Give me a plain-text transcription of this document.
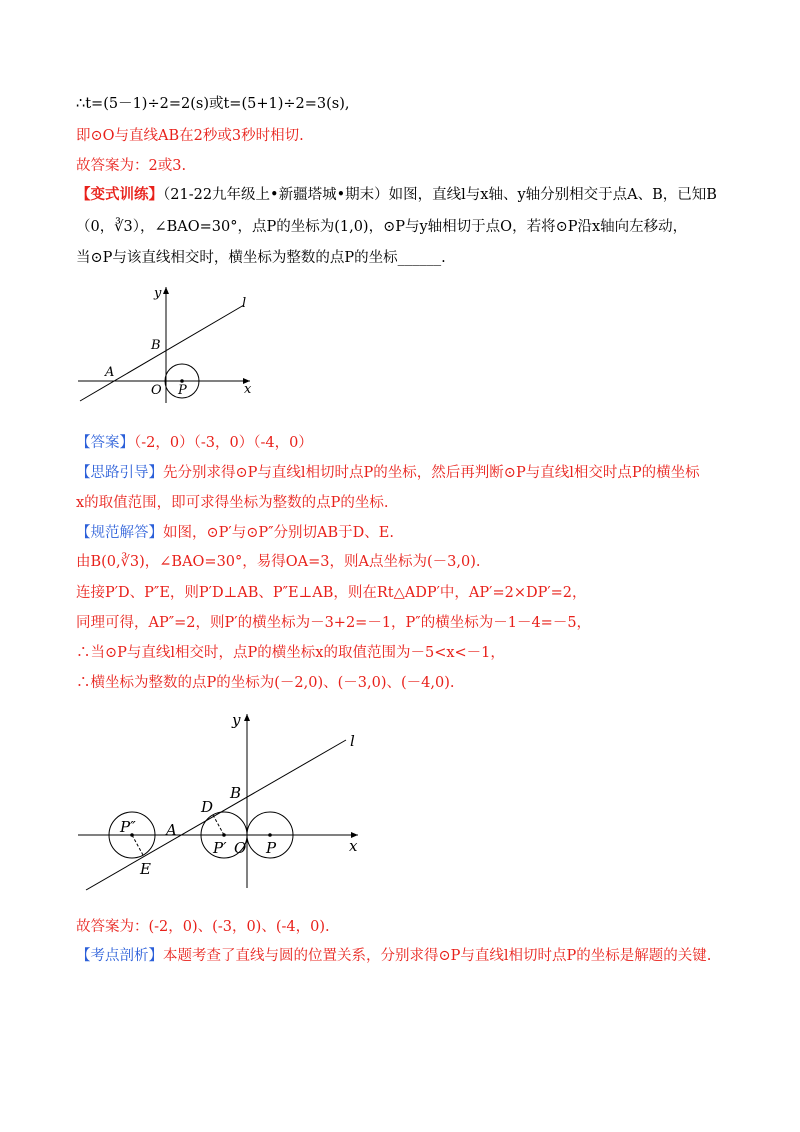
∴t=(5－1)÷2=2(s)或t=(5+1)÷2=3(s),
即⊙O与直线AB在2秒或3秒时相切.
故答案为：2或3.
【变式训练】（21-22九年级上•新疆塔城•期末）如图，直线l与x轴、y轴分别相交于点A、B，已知B
（0，∛3），∠BAO=30°，点P的坐标为(1,0)，⊙P与y轴相切于点O，若将⊙P沿x轴向左移动，
当⊙P与该直线相交时，横坐标为整数的点P的坐标______.
y
l
B
A
O P	x
【答案】（-2，0）（-3，0）（-4，0）
【思路引导】先分别求得⊙P与直线l相切时点P的坐标，然后再判断⊙P与直线l相交时点P的横坐标
x的取值范围，即可求得坐标为整数的点P的坐标.
【规范解答】如图，⊙P′与⊙P″分别切AB于D、E.
由B(0,∛3)，∠BAO=30°，易得OA=3，则A点坐标为(－3,0).
连接P′D、P″E，则P′D⊥AB、P″E⊥AB，则在Rt△ADP′中，AP′=2×DP′=2，
同理可得，AP″=2，则P′的横坐标为－3+2=－1，P″的横坐标为－1－4=－5，
∴当⊙P与直线l相交时，点P的横坐标x的取值范围为－5<x<－1，
∴横坐标为整数的点P的坐标为(－2,0)、(－3,0)、(－4,0).
y
l
B
D
A
P″
P′ O P
E
x
故答案为：(-2，0)、(-3，0)、(-4，0).
【考点剖析】本题考查了直线与圆的位置关系，分别求得⊙P与直线l相切时点P的坐标是解题的关键.
